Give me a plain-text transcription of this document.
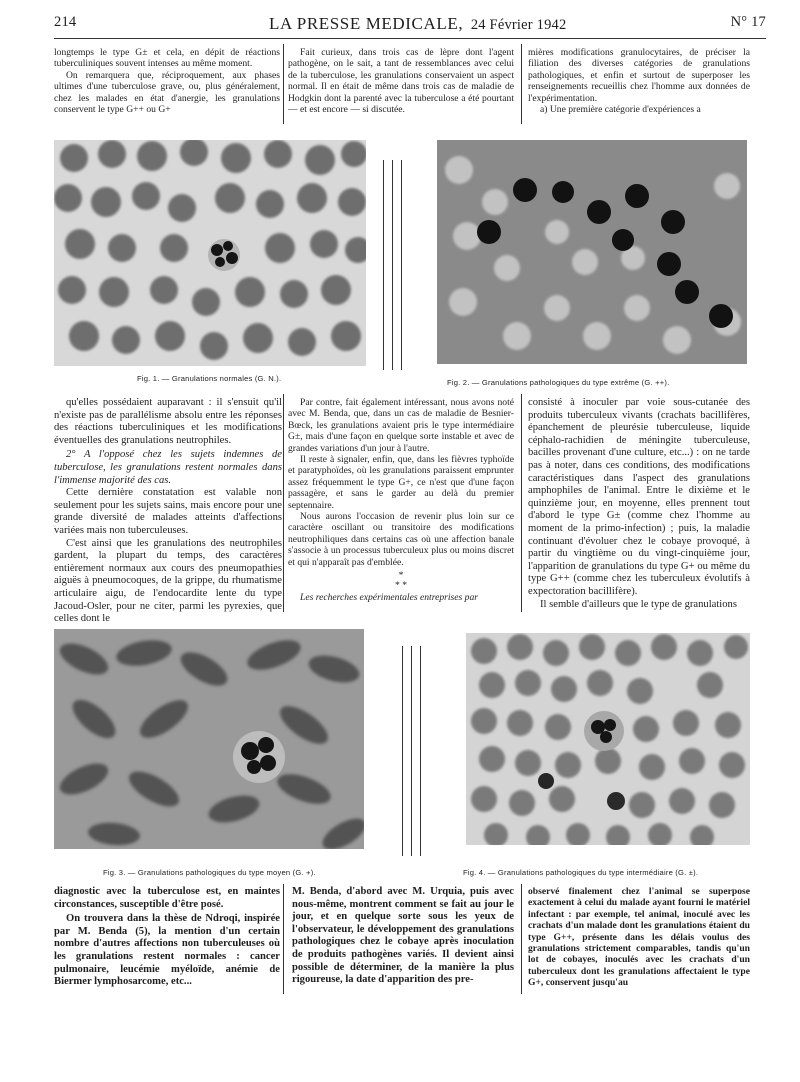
214	LA PRESSE MEDICALE, 24 Février 1942	N° 17

longtemps le type G± et cela, en dépit de réactions tuberculiniques souvent intenses au même moment.

On remarquera que, réciproquement, aux phases ultimes d'une tuberculose grave, ou, plus généralement, chez les malades en état d'anergie, les granulations conservent le type G++ ou G+

Fait curieux, dans trois cas de lèpre dont l'agent pathogène, on le sait, a tant de ressemblances avec celui de la tuberculose, les granulations conservaient un aspect normal. Il en était de même dans trois cas de maladie de Hodgkin dont la parenté avec la tuberculose a été pourtant — et est encore — si discutée.

mières modifications granulocytaires, de préciser la filiation des diverses catégories de granulations pathologiques, et enfin et surtout de superposer les renseignements recueillis chez l'homme aux données de l'expérimentation.

a) Une première catégorie d'expériences a

Fig. 1. — Granulations normales (G. N.).	Fig. 2. — Granulations pathologiques du type extrême (G. ++).

qu'elles possédaient auparavant : il s'ensuit qu'il n'existe pas de parallélisme absolu entre les réponses des réactions tuberculiniques et les modifications éventuelles des granulations neutrophiles.

2° A l'opposé chez les sujets indemnes de tuberculose, les granulations restent normales dans l'immense majorité des cas.

Cette dernière constatation est valable non seulement pour les sujets sains, mais encore pour une grande diversité de malades atteints d'affections variées mais non tuberculeuses.

C'est ainsi que les granulations des neutrophiles gardent, la plupart du temps, des caractères entièrement normaux aux cours des pneumopathies aiguës à pneumocoques, de la grippe, du rhumatisme articulaire aigu, de l'endocardite lente du type Jacoud-Osler, pour ne citer, parmi les pyrexies, que celles dont le

Par contre, fait également intéressant, nous avons noté avec M. Benda, que, dans un cas de maladie de Besnier-Bœck, les granulations avaient pris le type intermédiaire G±, mais d'une façon en quelque sorte instable et avec de grandes variations d'un jour à l'autre.

Il reste à signaler, enfin, que, dans les fièvres typhoïde et paratyphoïdes, où les granulations paraissent emprunter assez fréquemment le type G+, ce n'est que d'une façon passagère, et sans le garder au delà du premier septennaire.

Nous aurons l'occasion de revenir plus loin sur ce caractère oscillant ou transitoire des modifications neutrophiliques dans certains cas où une affection banale s'associe à un processus tuberculeux plus ou moins discret et qui n'apparaît pas d'emblée.

*
* *

Les recherches expérimentales entreprises par

consisté à inoculer par voie sous-cutanée des produits tuberculeux vivants (crachats bacillifères, épanchement de pleurésie tuberculeuse, liquide céphalo-rachidien de méningite tuberculeuse, bacilles provenant d'une culture, etc...) : on ne tarde pas à noter, dans ces conditions, des modifications caractéristiques dans l'aspect des granulations amphophiles de l'animal. Entre le dixième et le quinzième jour, en moyenne, elles prennent tout d'abord le type G± (comme chez l'homme au moment de la primo-infection) ; puis, la maladie continuant d'évoluer chez le cobaye provoqué, à partir du vingtième ou du vingt-cinquième jour, l'apparition de granulations du type G+ ou même du type G++ (comme chez les tuberculeux évolutifs à expectoration bacillifère).

Il semble d'ailleurs que le type de granulations

Fig. 3. — Granulations pathologiques du type moyen (G. +).	Fig. 4. — Granulations pathologiques du type intermédiaire (G. ±).

diagnostic avec la tuberculose est, en maintes circonstances, susceptible d'être posé.

On trouvera dans la thèse de Ndroqi, inspirée par M. Benda (5), la mention d'un certain nombre d'autres affections non tuberculeuses où les granulations restent normales : cancer pulmonaire, leucémie myéloïde, anémie de Biermer lymphosarcome, etc...

M. Benda, d'abord avec M. Urquia, puis avec nous-même, montrent comment se fait au jour le jour, et en quelque sorte sous les yeux de l'observateur, le développement des granulations pathologiques chez le cobaye après inoculation de produits pathogènes variés. Il devient ainsi possible de déterminer, de la manière la plus rigoureuse, la date d'apparition des pre-

observé finalement chez l'animal se superpose exactement à celui du malade ayant fourni le matériel infectant : par exemple, tel animal, inoculé avec les crachats d'un malade dont les granulations étaient du type G++, présente dans les délais voulus des granulations strictement comparables, tandis qu'un lot de cobayes, inoculés avec les crachats d'un tuberculeux dont les granulations affectaient le type G+, conservent jusqu'au
